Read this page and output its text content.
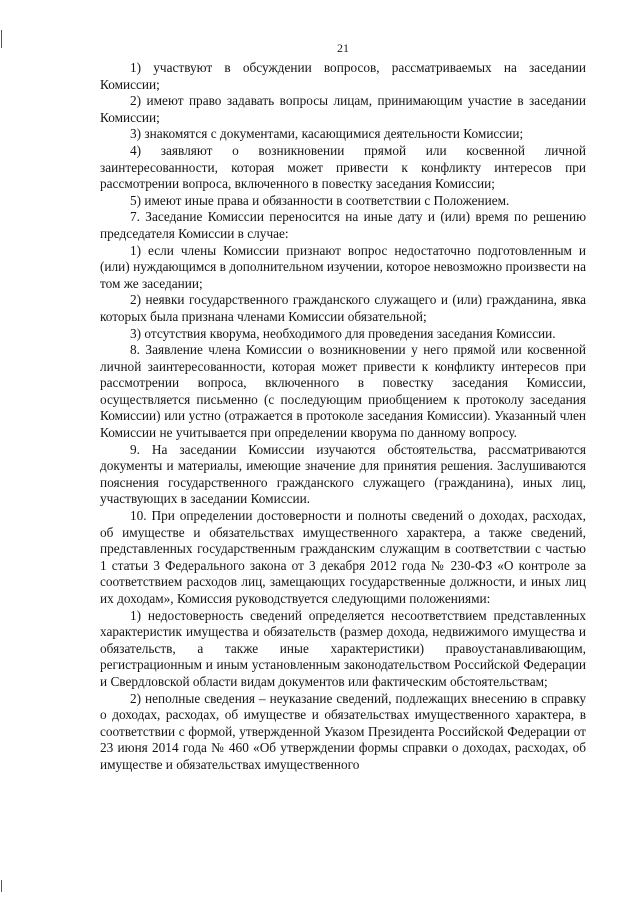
21

1) участвуют в обсуждении вопросов, рассматриваемых на заседании Комиссии;

2) имеют право задавать вопросы лицам, принимающим участие в заседании Комиссии;

3) знакомятся с документами, касающимися деятельности Комиссии;

4) заявляют о возникновении прямой или косвенной личной заинтересованности, которая может привести к конфликту интересов при рассмотрении вопроса, включенного в повестку заседания Комиссии;

5) имеют иные права и обязанности в соответствии с Положением.

7. Заседание Комиссии переносится на иные дату и (или) время по решению председателя Комиссии в случае:

1) если члены Комиссии признают вопрос недостаточно подготовленным и (или) нуждающимся в дополнительном изучении, которое невозможно произвести на том же заседании;

2) неявки государственного гражданского служащего и (или) гражданина, явка которых была признана членами Комиссии обязательной;

3) отсутствия кворума, необходимого для проведения заседания Комиссии.

8. Заявление члена Комиссии о возникновении у него прямой или косвенной личной заинтересованности, которая может привести к конфликту интересов при рассмотрении вопроса, включенного в повестку заседания Комиссии, осуществляется письменно (с последующим приобщением к протоколу заседания Комиссии) или устно (отражается в протоколе заседания Комиссии). Указанный член Комиссии не учитывается при определении кворума по данному вопросу.

9. На заседании Комиссии изучаются обстоятельства, рассматриваются документы и материалы, имеющие значение для принятия решения. Заслушиваются пояснения государственного гражданского служащего (гражданина), иных лиц, участвующих в заседании Комиссии.

10. При определении достоверности и полноты сведений о доходах, расходах, об имуществе и обязательствах имущественного характера, а также сведений, представленных государственным гражданским служащим в соответствии с частью 1 статьи 3 Федерального закона от 3 декабря 2012 года № 230-ФЗ «О контроле за соответствием расходов лиц, замещающих государственные должности, и иных лиц их доходам», Комиссия руководствуется следующими положениями:

1) недостоверность сведений определяется несоответствием представленных характеристик имущества и обязательств (размер дохода, недвижимого имущества и обязательств, а также иные характеристики) правоустанавливающим, регистрационным и иным установленным законодательством Российской Федерации и Свердловской области видам документов или фактическим обстоятельствам;

2) неполные сведения – неуказание сведений, подлежащих внесению в справку о доходах, расходах, об имуществе и обязательствах имущественного характера, в соответствии с формой, утвержденной Указом Президента Российской Федерации от 23 июня 2014 года № 460 «Об утверждении формы справки о доходах, расходах, об имуществе и обязательствах имущественного
